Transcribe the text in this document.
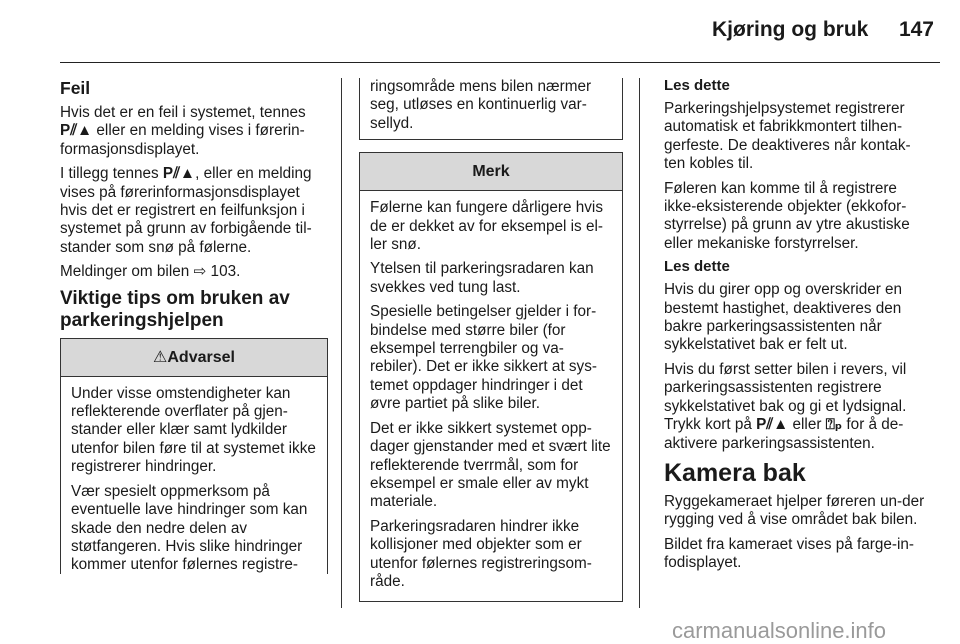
Kjøring og bruk 147

Feil

Hvis det er en feil i systemet, tennes P⫽▲ eller en melding vises i førerin-formasjonsdisplayet.

I tillegg tennes P⫽▲, eller en melding vises på førerinformasjonsdisplayet hvis det er registrert en feilfunksjon i systemet på grunn av forbigående til-stander som snø på følerne.

Meldinger om bilen ⇨ 103.

Viktige tips om bruken av parkeringshjelpen

⚠Advarsel

Under visse omstendigheter kan reflekterende overflater på gjen-stander eller klær samt lydkilder utenfor bilen føre til at systemet ikke registrerer hindringer.

Vær spesielt oppmerksom på eventuelle lave hindringer som kan skade den nedre delen av støtfangeren. Hvis slike hindringer kommer utenfor følernes registre-

ringsområde mens bilen nærmer seg, utløses en kontinuerlig var-sellyd.

Merk

Følerne kan fungere dårligere hvis de er dekket av for eksempel is el-ler snø.

Ytelsen til parkeringsradaren kan svekkes ved tung last.

Spesielle betingelser gjelder i for-bindelse med større biler (for eksempel terrengbiler og va-rebiler). Det er ikke sikkert at sys-temet oppdager hindringer i det øvre partiet på slike biler.

Det er ikke sikkert systemet opp-dager gjenstander med et svært lite reflekterende tverrmål, som for eksempel er smale eller av mykt materiale.

Parkeringsradaren hindrer ikke kollisjoner med objekter som er utenfor følernes registreringsom-råde.

Les dette

Parkeringshjelpsystemet registrerer automatisk et fabrikkmontert tilhen-gerfeste. De deaktiveres når kontak-ten kobles til.

Føleren kan komme til å registrere ikke-eksisterende objekter (ekkofor-styrrelse) på grunn av ytre akustiske eller mekaniske forstyrrelser.

Les dette

Hvis du girer opp og overskrider en bestemt hastighet, deaktiveres den bakre parkeringsassistenten når sykkelstativet bak er felt ut.

Hvis du først setter bilen i revers, vil parkeringsassistenten registrere sykkelstativet bak og gi et lydsignal. Trykk kort på P⫽▲ eller ⍰ₚ for å de-aktivere parkeringsassistenten.

Kamera bak

Ryggekameraet hjelper føreren un-der rygging ved å vise området bak bilen.

Bildet fra kameraet vises på farge-in-fodisplayet.

carmanualsonline.info
